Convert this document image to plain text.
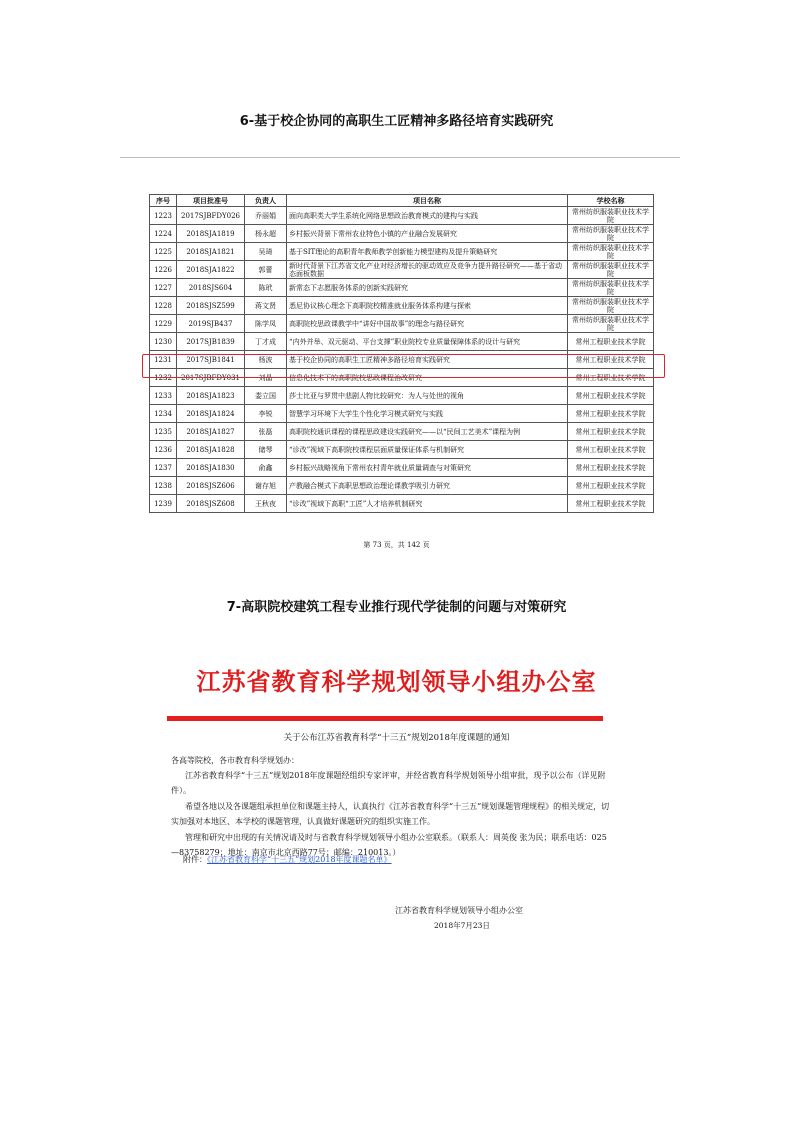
6-基于校企协同的高职生工匠精神多路径培育实践研究
序号	项目批准号	负责人	项目名称	学校名称
1223	2017SJBFDY026	乔丽娟	面向高职类大学生系统化网络思想政治教育模式的建构与实践	常州纺织服装职业技术学院
1224	2018SJA1819	杨永超	乡村振兴背景下常州农业特色小镇的产业融合发展研究	常州纺织服装职业技术学院
1225	2018SJA1821	吴琦	基于SIT理论的高职青年教师教学创新能力模型建构及提升策略研究	常州纺织服装职业技术学院
1226	2018SJA1822	郭蕾	新时代背景下江苏省文化产业对经济增长的驱动效应及竞争力提升路径研究——基于省动态面板数据	常州纺织服装职业技术学院
1227	2018SJS604	陈玳	新常态下志愿服务体系的创新实践研究	常州纺织服装职业技术学院
1228	2018SJSZ599	蒋文贤	悉尼协议核心理念下高职院校精准就业服务体系构建与探索	常州纺织服装职业技术学院
1229	2019SJB437	陈学凤	高职院校思政课教学中“讲好中国故事”的理念与路径研究	常州纺织服装职业技术学院
1230	2017SJB1839	丁才成	“内外并举、双元驱动、平台支撑”职业院校专业质量保障体系的设计与研究	常州工程职业技术学院
1231	2017SJB1841	杨波	基于校企协同的高职生工匠精神多路径培育实践研究	常州工程职业技术学院
1232	2017SJBFDY031	刘晶	信息化技术下的高职院校思政课程治改研究	常州工程职业技术学院
1233	2018SJA1823	娄立国	莎士比亚与罗贯中悲剧人物比较研究：为人与处世的视角	常州工程职业技术学院
1234	2018SJA1824	李锐	智慧学习环境下大学生个性化学习模式研究与实践	常州工程职业技术学院
1235	2018SJA1827	张磊	高职院校通识课程的课程思政建设实践研究——以“民间工艺美术”课程为例	常州工程职业技术学院
1236	2018SJA1828	储琴	“诊改”视域下高职院校课程层面质量保证体系与机制研究	常州工程职业技术学院
1237	2018SJA1830	俞鑫	乡村振兴战略视角下常州农村青年就业质量调查与对策研究	常州工程职业技术学院
1238	2018SJSZ606	谢存旭	产教融合模式下高职思想政治理论课教学吸引力研究	常州工程职业技术学院
1239	2018SJSZ608	王秋夜	“诊改”视域下高职“工匠”人才培养机制研究	常州工程职业技术学院
第 73 页，共 142 页
7-高职院校建筑工程专业推行现代学徒制的问题与对策研究
江苏省教育科学规划领导小组办公室
关于公布江苏省教育科学“十三五”规划2018年度课题的通知
各高等院校，各市教育科学规划办：
江苏省教育科学“十三五”规划2018年度课题经组织专家评审，并经省教育科学规划领导小组审批，现予以公布（详见附件）。
希望各地以及各课题组承担单位和课题主持人，认真执行《江苏省教育科学“十三五”规划课题管理规程》的相关规定，切实加强对本地区、本学校的课题管理，认真做好课题研究的组织实施工作。
管理和研究中出现的有关情况请及时与省教育科学规划领导小组办公室联系。（联系人：周英俊 张为民；联系电话：025—83758279；地址：南京市北京西路77号；邮编：210013。）
附件：《江苏省教育科学“十三五”规划2018年度课题名单》
江苏省教育科学规划领导小组办公室
2018年7月23日
